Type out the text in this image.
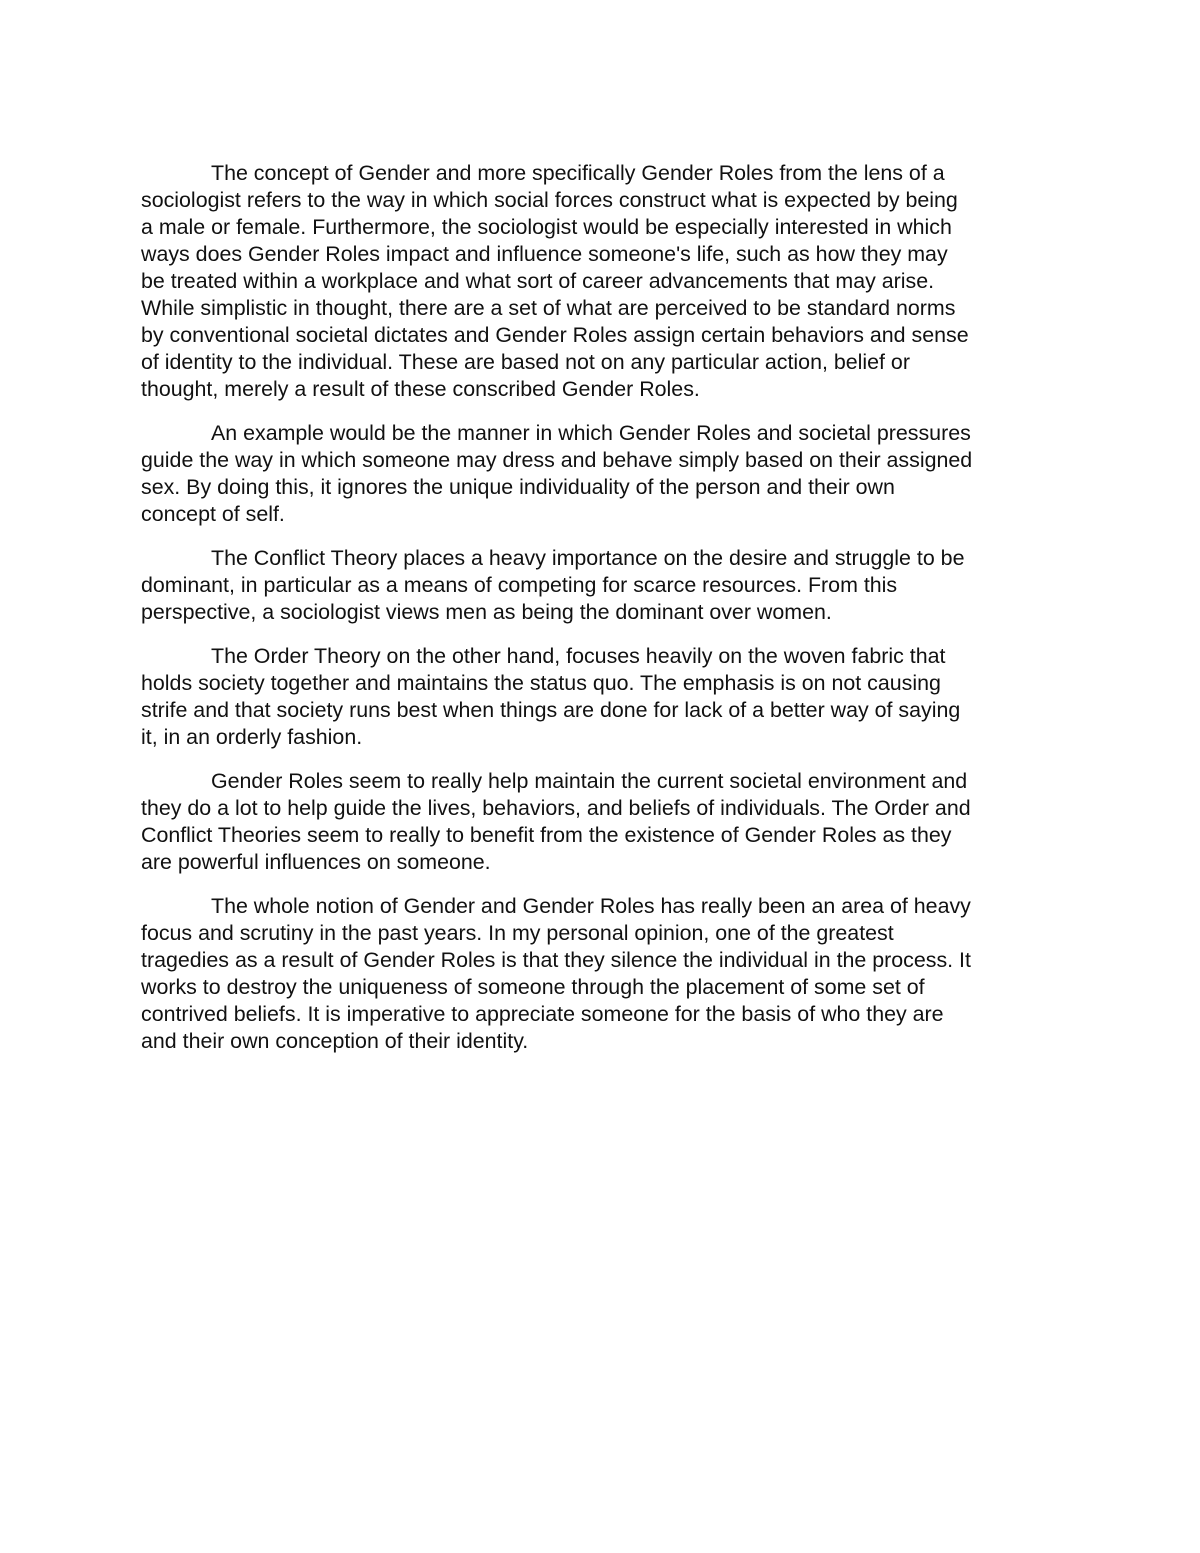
The concept of Gender and more specifically Gender Roles from the lens of a
sociologist refers to the way in which social forces construct what is expected by being
a male or female. Furthermore, the sociologist would be especially interested in which
ways does Gender Roles impact and influence someone's life, such as how they may
be treated within a workplace and what sort of career advancements that may arise.
While simplistic in thought, there are a set of what are perceived to be standard norms
by conventional societal dictates and Gender Roles assign certain behaviors and sense
of identity to the individual. These are based not on any particular action, belief or
thought, merely a result of these conscribed Gender Roles.

An example would be the manner in which Gender Roles and societal pressures
guide the way in which someone may dress and behave simply based on their assigned
sex. By doing this, it ignores the unique individuality of the person and their own
concept of self.

The Conflict Theory places a heavy importance on the desire and struggle to be
dominant, in particular as a means of competing for scarce resources. From this
perspective, a sociologist views men as being the dominant over women.

The Order Theory on the other hand, focuses heavily on the woven fabric that
holds society together and maintains the status quo. The emphasis is on not causing
strife and that society runs best when things are done for lack of a better way of saying
it, in an orderly fashion.

Gender Roles seem to really help maintain the current societal environment and
they do a lot to help guide the lives, behaviors, and beliefs of individuals. The Order and
Conflict Theories seem to really to benefit from the existence of Gender Roles as they
are powerful influences on someone.

The whole notion of Gender and Gender Roles has really been an area of heavy
focus and scrutiny in the past years. In my personal opinion, one of the greatest
tragedies as a result of Gender Roles is that they silence the individual in the process. It
works to destroy the uniqueness of someone through the placement of some set of
contrived beliefs. It is imperative to appreciate someone for the basis of who they are
and their own conception of their identity.
